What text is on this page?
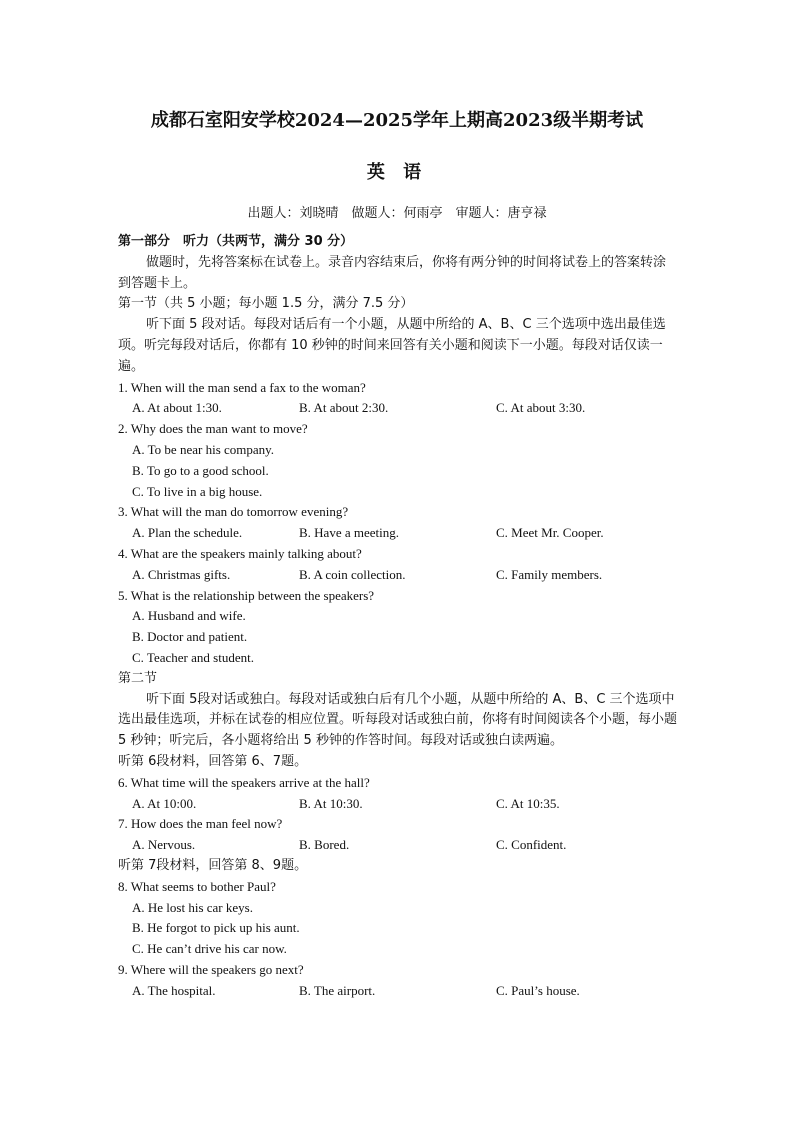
成都石室阳安学校2024—2025学年上期高2023级半期考试
英 语
出题人：刘晓晴　做题人：何雨亭　审题人：唐亨禄

第一部分　听力（共两节，满分 30 分）

做题时，先将答案标在试卷上。录音内容结束后，你将有两分钟的时间将试卷上的答案转涂到答题卡上。

第一节（共 5 小题；每小题 1.5 分，满分 7.5 分）

听下面 5 段对话。每段对话后有一个小题，从题中所给的 A、B、C 三个选项中选出最佳选项。听完每段对话后，你都有 10 秒钟的时间来回答有关小题和阅读下一小题。每段对话仅读一遍。

1. When will the man send a fax to the woman?

A. At about 1:30.	B. At about 2:30.	C. At about 3:30.

2. Why does the man want to move?

A. To be near his company.

B. To go to a good school.

C. To live in a big house.

3. What will the man do tomorrow evening?

A. Plan the schedule.	B. Have a meeting.	C. Meet Mr. Cooper.

4. What are the speakers mainly talking about?

A. Christmas gifts.	B. A coin collection.	C. Family members.

5. What is the relationship between the speakers?

A. Husband and wife.

B. Doctor and patient.

C. Teacher and student.

第二节

听下面 5段对话或独白。每段对话或独白后有几个小题，从题中所给的 A、B、C 三个选项中选出最佳选项，并标在试卷的相应位置。听每段对话或独白前，你将有时间阅读各个小题，每小题 5 秒钟；听完后，各小题将给出 5 秒钟的作答时间。每段对话或独白读两遍。

听第 6段材料，回答第 6、7题。

6. What time will the speakers arrive at the hall?

A. At 10:00.	B. At 10:30.	C. At 10:35.

7. How does the man feel now?

A. Nervous.	B. Bored.	C. Confident.

听第 7段材料，回答第 8、9题。

8. What seems to bother Paul?

A. He lost his car keys.

B. He forgot to pick up his aunt.

C. He can’t drive his car now.

9. Where will the speakers go next?

A. The hospital.	B. The airport.	C. Paul’s house.
